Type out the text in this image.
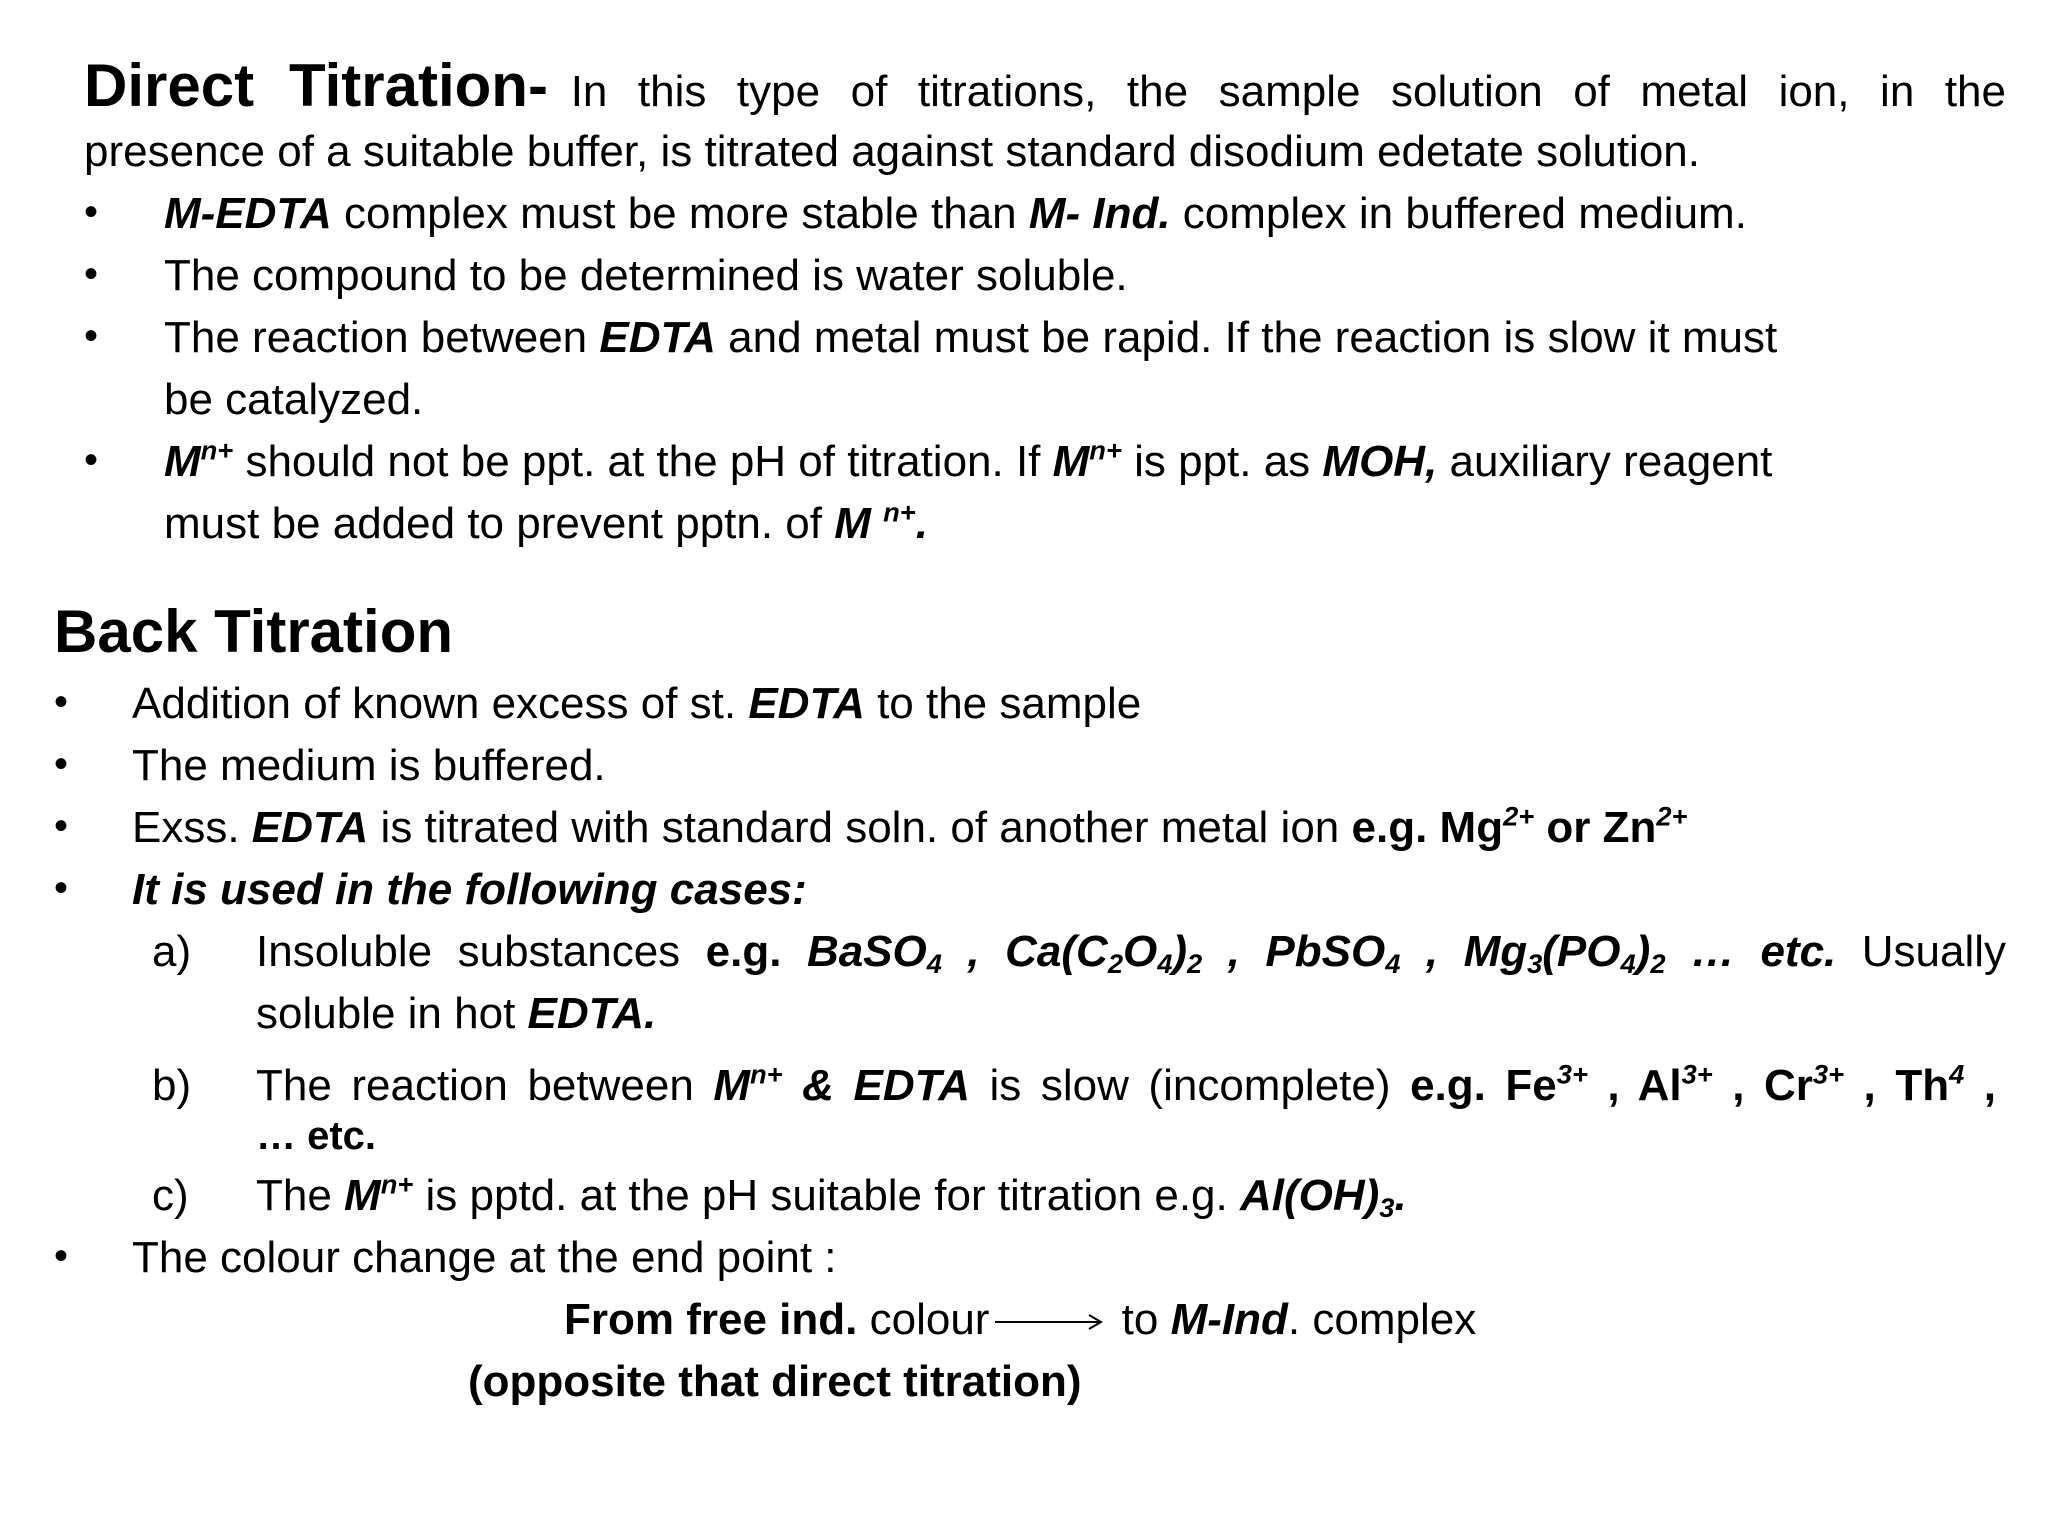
Direct Titration- In this type of titrations, the sample solution of metal ion, in the
presence of a suitable buffer, is titrated against standard disodium edetate solution.
• M-EDTA complex must be more stable than M- Ind. complex in buffered medium.
• The compound to be determined is water soluble.
• The reaction between EDTA and metal must be rapid. If the reaction is slow it must
be catalyzed.
• $M^{n+}$ should not be ppt. at the pH of titration. If $M^{n+}$ is ppt. as MOH, auxiliary reagent
must be added to prevent pptn. of M $^{n+}$.
Back Titration
• Addition of known excess of st. EDTA to the sample
• The medium is buffered.
• Exss. EDTA is titrated with standard soln. of another metal ion e.g. $Mg^{2+}$ or $Zn^{2+}$
• It is used in the following cases:
a) Insoluble substances e.g. BaSO$_4$ , $Ca(C_2O_4)_2$ , PbSO$_4$ , $Mg_3(PO_4)_2$ … etc. Usually
soluble in hot EDTA.
b) The reaction between $M^{n+}$ & EDTA is slow (incomplete) e.g. $Fe^{3+}$ , $Al^{3+}$ , $Cr^{3+}$ , Th$^4$ ,
… etc.
c) The $M^{n+}$ is pptd. at the pH suitable for titration e.g. $Al(OH)_3$.
• The colour change at the end point :
From free ind. colour	to M-Ind. complex
(opposite that direct titration)
